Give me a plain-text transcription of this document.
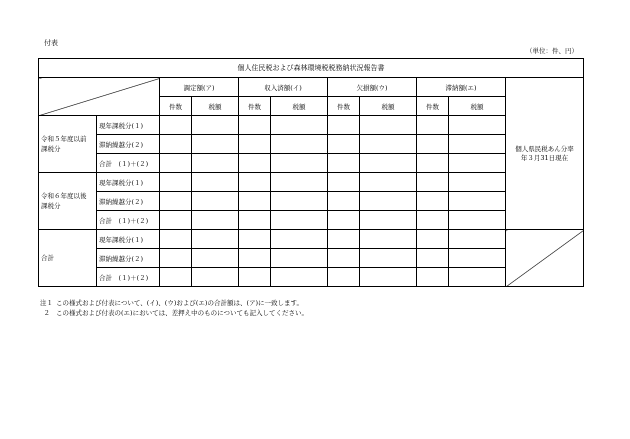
付表
（単位：件、円）
個人住民税および森林環境税税務納状況報告書										
		調定額(ア)		収入済額(イ)		欠損額(ウ)		滞納額(エ)		個人県民税あん分率
年３月31日現在

		件数	税額	件数	税額	件数	税額	件数	税額	
令和５年度以前
課税分	現年課税分(１)									
	滞納繰越分(２)									
	合計　(１)＋(２)									
令和６年度以後
課税分	現年課税分(１)									
	滞納繰越分(２)									
	合計　(１)＋(２)									
合計	現年課税分(１)									
	滞納繰越分(２)									
	合計　(１)＋(２)									
注１ この様式および付表について、(イ)、(ウ)および(エ)の合計額は、(ア)に一致します。
２ この様式および付表の(エ)においては、差押え中のものについても記入してください。
